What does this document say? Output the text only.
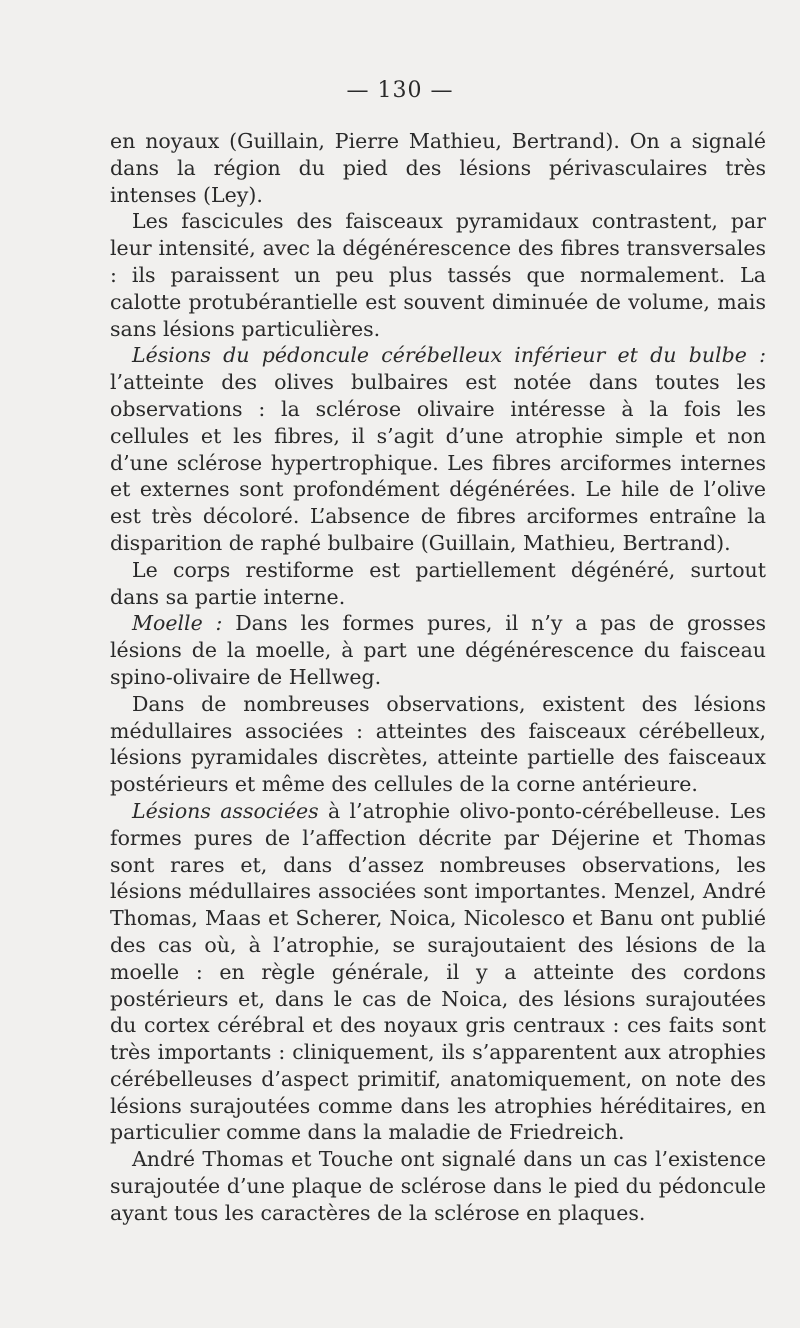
— 130 —

en noyaux (Guillain, Pierre Mathieu, Bertrand). On a signalé dans la région du pied des lésions périvasculaires très intenses (Ley).

Les fascicules des faisceaux pyramidaux contrastent, par leur intensité, avec la dégénérescence des fibres transversales : ils paraissent un peu plus tassés que normalement. La calotte protubérantielle est souvent diminuée de volume, mais sans lésions particulières.

Lésions du pédoncule cérébelleux inférieur et du bulbe : l’atteinte des olives bulbaires est notée dans toutes les observations : la sclérose olivaire intéresse à la fois les cellules et les fibres, il s’agit d’une atrophie simple et non d’une sclérose hypertrophique. Les fibres arciformes internes et externes sont profondément dégénérées. Le hile de l’olive est très décoloré. L’absence de fibres arciformes entraîne la disparition de raphé bulbaire (Guillain, Mathieu, Bertrand).

Le corps restiforme est partiellement dégénéré, surtout dans sa partie interne.

Moelle : Dans les formes pures, il n’y a pas de grosses lésions de la moelle, à part une dégénérescence du faisceau spino-olivaire de Hellweg.

Dans de nombreuses observations, existent des lésions médullaires associées : atteintes des faisceaux cérébelleux, lésions pyramidales discrètes, atteinte partielle des faisceaux postérieurs et même des cellules de la corne antérieure.

Lésions associées à l’atrophie olivo-ponto-cérébelleuse. Les formes pures de l’affection décrite par Déjerine et Thomas sont rares et, dans d’assez nombreuses observations, les lésions médullaires associées sont importantes. Menzel, André Thomas, Maas et Scherer, Noica, Nicolesco et Banu ont publié des cas où, à l’atrophie, se surajoutaient des lésions de la moelle : en règle générale, il y a atteinte des cordons postérieurs et, dans le cas de Noica, des lésions surajoutées du cortex cérébral et des noyaux gris centraux : ces faits sont très importants : cliniquement, ils s’apparentent aux atrophies cérébelleuses d’aspect primitif, anatomiquement, on note des lésions surajoutées comme dans les atrophies héréditaires, en particulier comme dans la maladie de Friedreich.

André Thomas et Touche ont signalé dans un cas l’existence surajoutée d’une plaque de sclérose dans le pied du pédoncule ayant tous les caractères de la sclérose en plaques.
